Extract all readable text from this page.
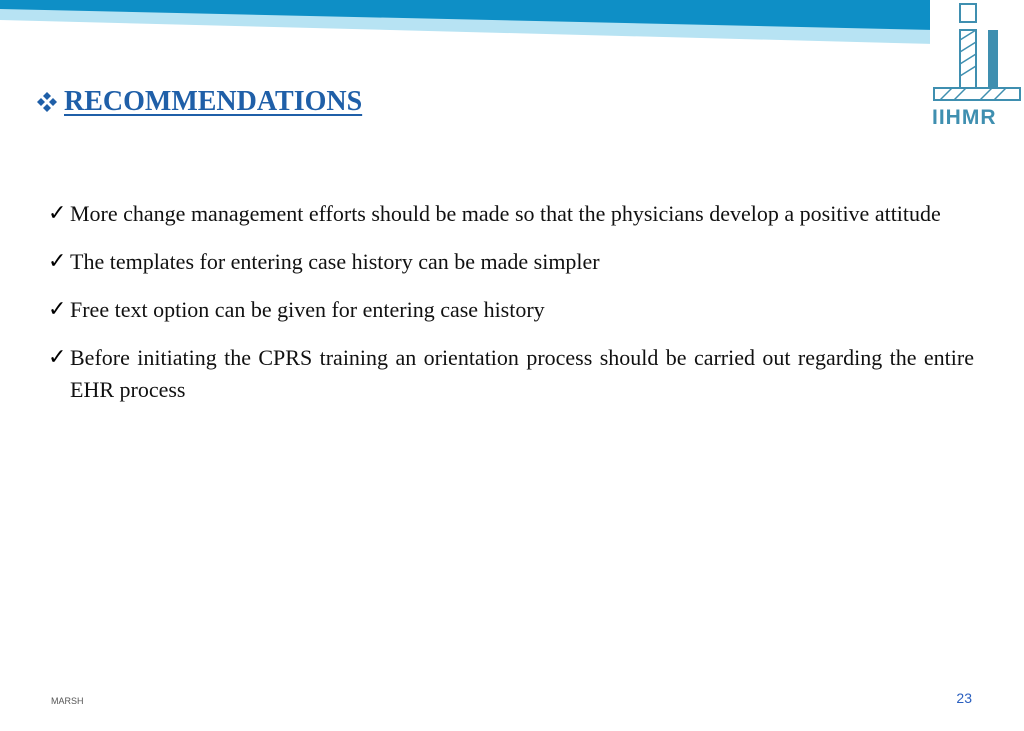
IIHMR
RECOMMENDATIONS
✓ More change management efforts should be made so that the physicians develop a positive attitude
✓ The templates for entering case history can be made simpler
✓ Free text option can be given for entering case history
✓ Before initiating the CPRS training an orientation process should be carried out regarding the entire EHR process
MARSH	23
